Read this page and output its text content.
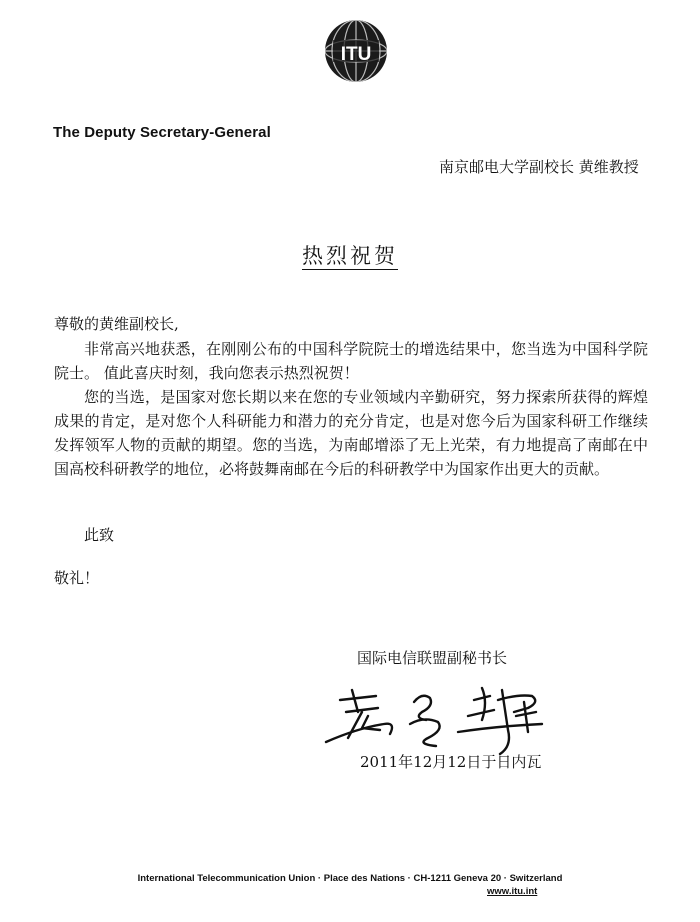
ITU
The Deputy Secretary-General
南京邮电大学副校长 黄维教授
热烈祝贺
尊敬的黄维副校长,

非常高兴地获悉，在刚刚公布的中国科学院院士的增选结果中，您当选为中国科学院院士。 值此喜庆时刻，我向您表示热烈祝贺！

您的当选，是国家对您长期以来在您的专业领域内辛勤研究，努力探索所获得的辉煌成果的肯定，是对您个人科研能力和潜力的充分肯定，也是对您今后为国家科研工作继续发挥领军人物的贡献的期望。您的当选，为南邮增添了无上光荣，有力地提高了南邮在中国高校科研教学的地位，必将鼓舞南邮在今后的科研教学中为国家作出更大的贡献。

此致
敬礼！
国际电信联盟副秘书长
2011年12月12日于日内瓦
International Telecommunication Union · Place des Nations · CH-1211 Geneva 20 · Switzerland
www.itu.int
